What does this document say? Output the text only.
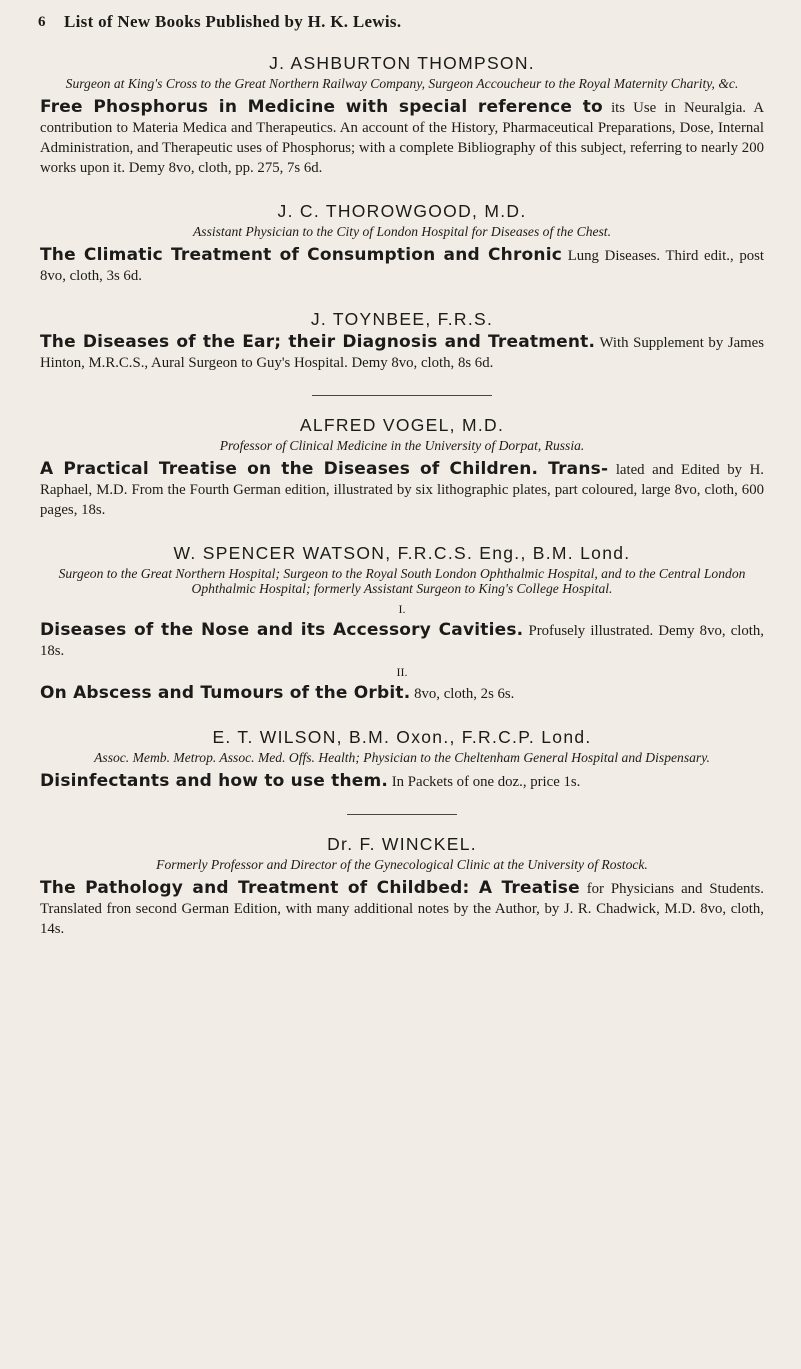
6 List of New Books Published by H. K. Lewis.
J. ASHBURTON THOMPSON.
Surgeon at King's Cross to the Great Northern Railway Company, Surgeon Accoucheur to the Royal Maternity Charity, &c.
Free Phosphorus in Medicine with special reference to its Use in Neuralgia. A contribution to Materia Medica and Therapeutics. An account of the History, Pharmaceutical Preparations, Dose, Internal Administration, and Therapeutic uses of Phosphorus; with a complete Bibliography of this subject, referring to nearly 200 works upon it. Demy 8vo, cloth, pp. 275, 7s 6d.
J. C. THOROWGOOD, M.D.
Assistant Physician to the City of London Hospital for Diseases of the Chest.
The Climatic Treatment of Consumption and Chronic Lung Diseases. Third edit., post 8vo, cloth, 3s 6d.
J. TOYNBEE, F.R.S.
The Diseases of the Ear; their Diagnosis and Treatment. With Supplement by James Hinton, M.R.C.S., Aural Surgeon to Guy's Hospital. Demy 8vo, cloth, 8s 6d.
ALFRED VOGEL, M.D.
Professor of Clinical Medicine in the University of Dorpat, Russia.
A Practical Treatise on the Diseases of Children. Trans- lated and Edited by H. Raphael, M.D. From the Fourth German edition, illustrated by six lithographic plates, part coloured, large 8vo, cloth, 600 pages, 18s.
W. SPENCER WATSON, F.R.C.S. Eng., B.M. Lond.
Surgeon to the Great Northern Hospital; Surgeon to the Royal South London Ophthalmic Hospital, and to the Central London Ophthalmic Hospital; formerly Assistant Surgeon to King's College Hospital.
I.
Diseases of the Nose and its Accessory Cavities. Profusely illustrated. Demy 8vo, cloth, 18s.
II.
On Abscess and Tumours of the Orbit. 8vo, cloth, 2s 6s.
E. T. WILSON, B.M. Oxon., F.R.C.P. Lond.
Assoc. Memb. Metrop. Assoc. Med. Offs. Health; Physician to the Cheltenham General Hospital and Dispensary.
Disinfectants and how to use them. In Packets of one doz., price 1s.
Dr. F. WINCKEL.
Formerly Professor and Director of the Gynecological Clinic at the University of Rostock.
The Pathology and Treatment of Childbed: A Treatise for Physicians and Students. Translated fron second German Edition, with many additional notes by the Author, by J. R. Chadwick, M.D. 8vo, cloth, 14s.
